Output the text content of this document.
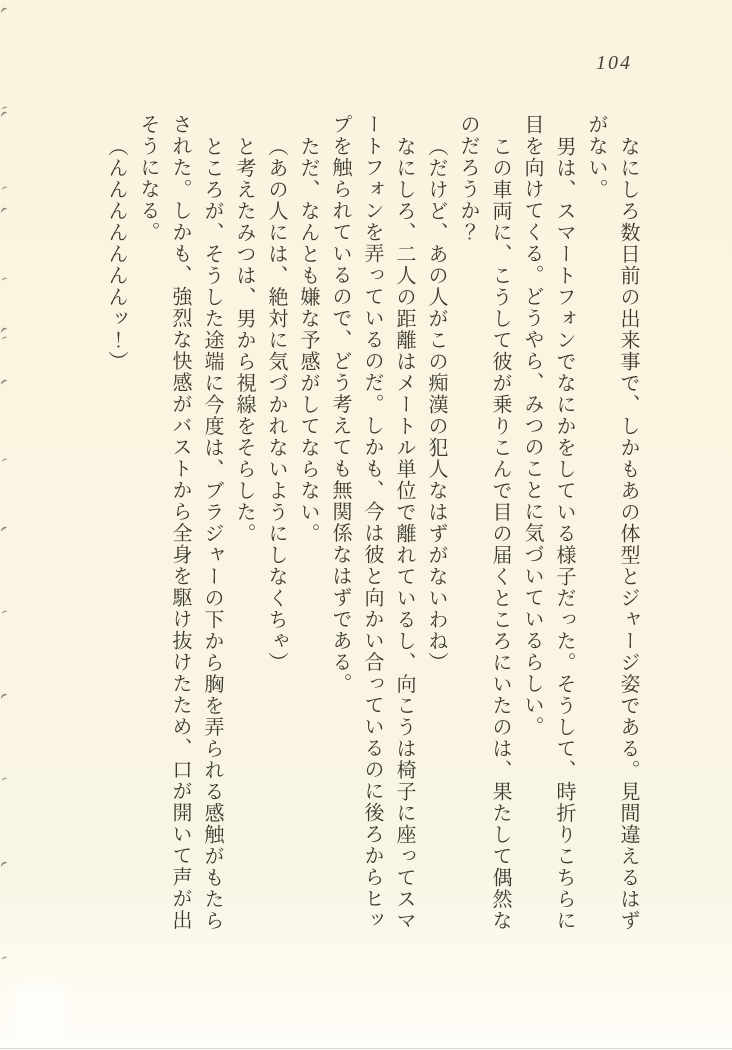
104
なにしろ数日前の出来事で、しかもあの体型とジャージ姿である。見間違えるはず
がない。
男は、スマートフォンでなにかをしている様子だった。そうして、時折りこちらに
目を向けてくる。どうやら、みつのことに気づいているらしい。
この車両に、こうして彼が乗りこんで目の届くところにいたのは、果たして偶然な
のだろうか？
（だけど、あの人がこの痴漢の犯人なはずがないわね）
なにしろ、二人の距離はメートル単位で離れているし、向こうは椅子に座ってスマ
ートフォンを弄っているのだ。しかも、今は彼と向かい合っているのに後ろからヒッ
プを触られているので、どう考えても無関係なはずである。
ただ、なんとも嫌な予感がしてならない。
（あの人には、絶対に気づかれないようにしなくちゃ）
と考えたみつは、男から視線をそらした。
ところが、そうした途端に今度は、ブラジャーの下から胸を弄られる感触がもたら
された。しかも、強烈な快感がバストから全身を駆け抜けたため、口が開いて声が出
そうになる。
（んんんんんんんッ！）
